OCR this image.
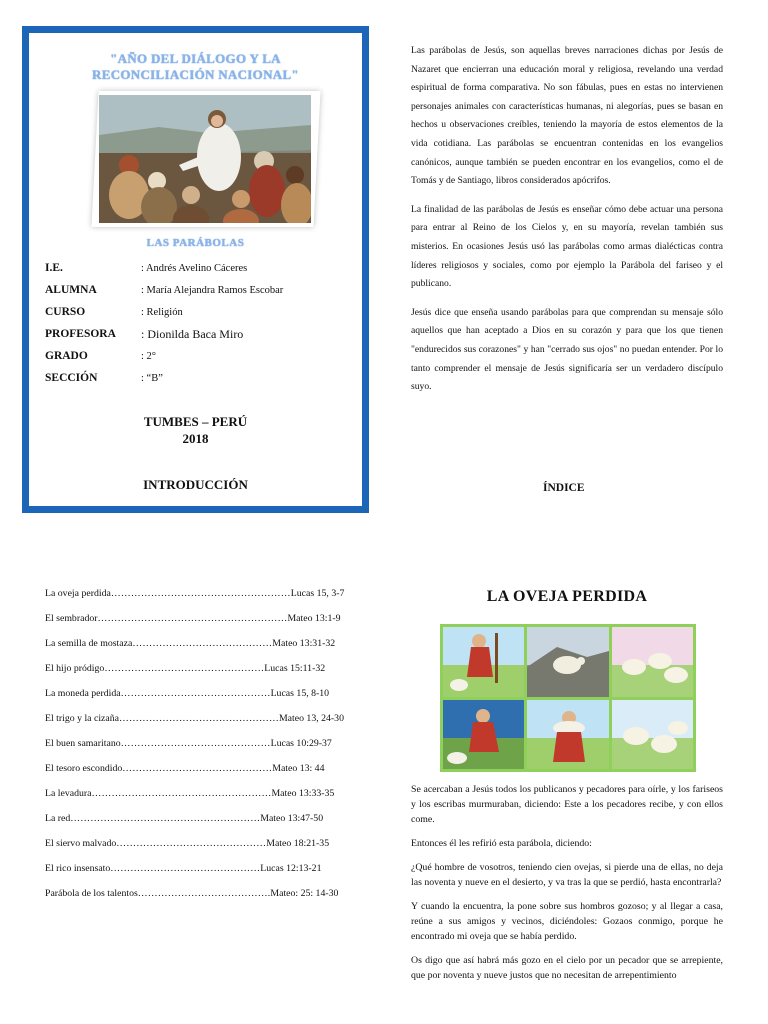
"AÑO DEL DIÁLOGO Y LA RECONCILIACIÓN NACIONAL"
LAS PARÁBOLAS
I.E.	: Andrés Avelino Cáceres
ALUMNA	: María Alejandra Ramos Escobar
CURSO	: Religión
PROFESORA	: Dionilda Baca Miro
GRADO	: 2°
SECCIÓN	: “B”
TUMBES – PERÚ
2018
INTRODUCCIÓN

Las parábolas de Jesús, son aquellas breves narraciones dichas por Jesús de Nazaret que encierran una educación moral y religiosa, revelando una verdad espiritual de forma comparativa. No son fábulas, pues en estas no intervienen personajes animales con características humanas, ni alegorías, pues se basan en hechos u observaciones creíbles, teniendo la mayoría de estos elementos de la vida cotidiana. Las parábolas se encuentran contenidas en los evangelios canónicos, aunque también se pueden encontrar en los evangelios, como el de Tomás y de Santiago, libros considerados apócrifos.

La finalidad de las parábolas de Jesús es enseñar cómo debe actuar una persona para entrar al Reino de los Cielos y, en su mayoría, revelan también sus misterios. En ocasiones Jesús usó las parábolas como armas dialécticas contra líderes religiosos y sociales, como por ejemplo la Parábola del fariseo y el publicano.

Jesús dice que enseña usando parábolas para que comprendan su mensaje sólo aquellos que han aceptado a Dios en su corazón y para que los que tienen "endurecidos sus corazones" y han "cerrado sus ojos" no puedan entender. Por lo tanto comprender el mensaje de Jesús significaría ser un verdadero discípulo suyo.

ÍNDICE
La oveja perdida………………………………………………Lucas 15, 3-7
El sembrador…………………………………………………Mateo 13:1-9
La semilla de mostaza……………………………………Mateo 13:31-32
El hijo pródigo…………………………………………Lucas 15:11-32
La moneda perdida………………………………………Lucas 15, 8-10
El trigo y la cizaña…………………………………………Mateo 13, 24-30
El buen samaritano………………………………………Lucas 10:29-37
El tesoro escondido………………………………………Mateo 13: 44
La levadura………………………………………………Mateo 13:33-35
La red…………………………………………………Mateo 13:47-50
El siervo malvado………………………………………Mateo 18:21-35
El rico insensato………………………………………Lucas 12:13-21
Parábola de los talentos………………………………….Mateo: 25: 14-30
LA OVEJA PERDIDA

Se acercaban a Jesús todos los publicanos y pecadores para oírle, y los fariseos y los escribas murmuraban, diciendo: Este a los pecadores recibe, y con ellos come.

Entonces él les refirió esta parábola, diciendo:

¿Qué hombre de vosotros, teniendo cien ovejas, si pierde una de ellas, no deja las noventa y nueve en el desierto, y va tras la que se perdió, hasta encontrarla?

Y cuando la encuentra, la pone sobre sus hombros gozoso; y al llegar a casa, reúne a sus amigos y vecinos, diciéndoles: Gozaos conmigo, porque he encontrado mi oveja que se había perdido.

Os digo que así habrá más gozo en el cielo por un pecador que se arrepiente, que por noventa y nueve justos que no necesitan de arrepentimiento
